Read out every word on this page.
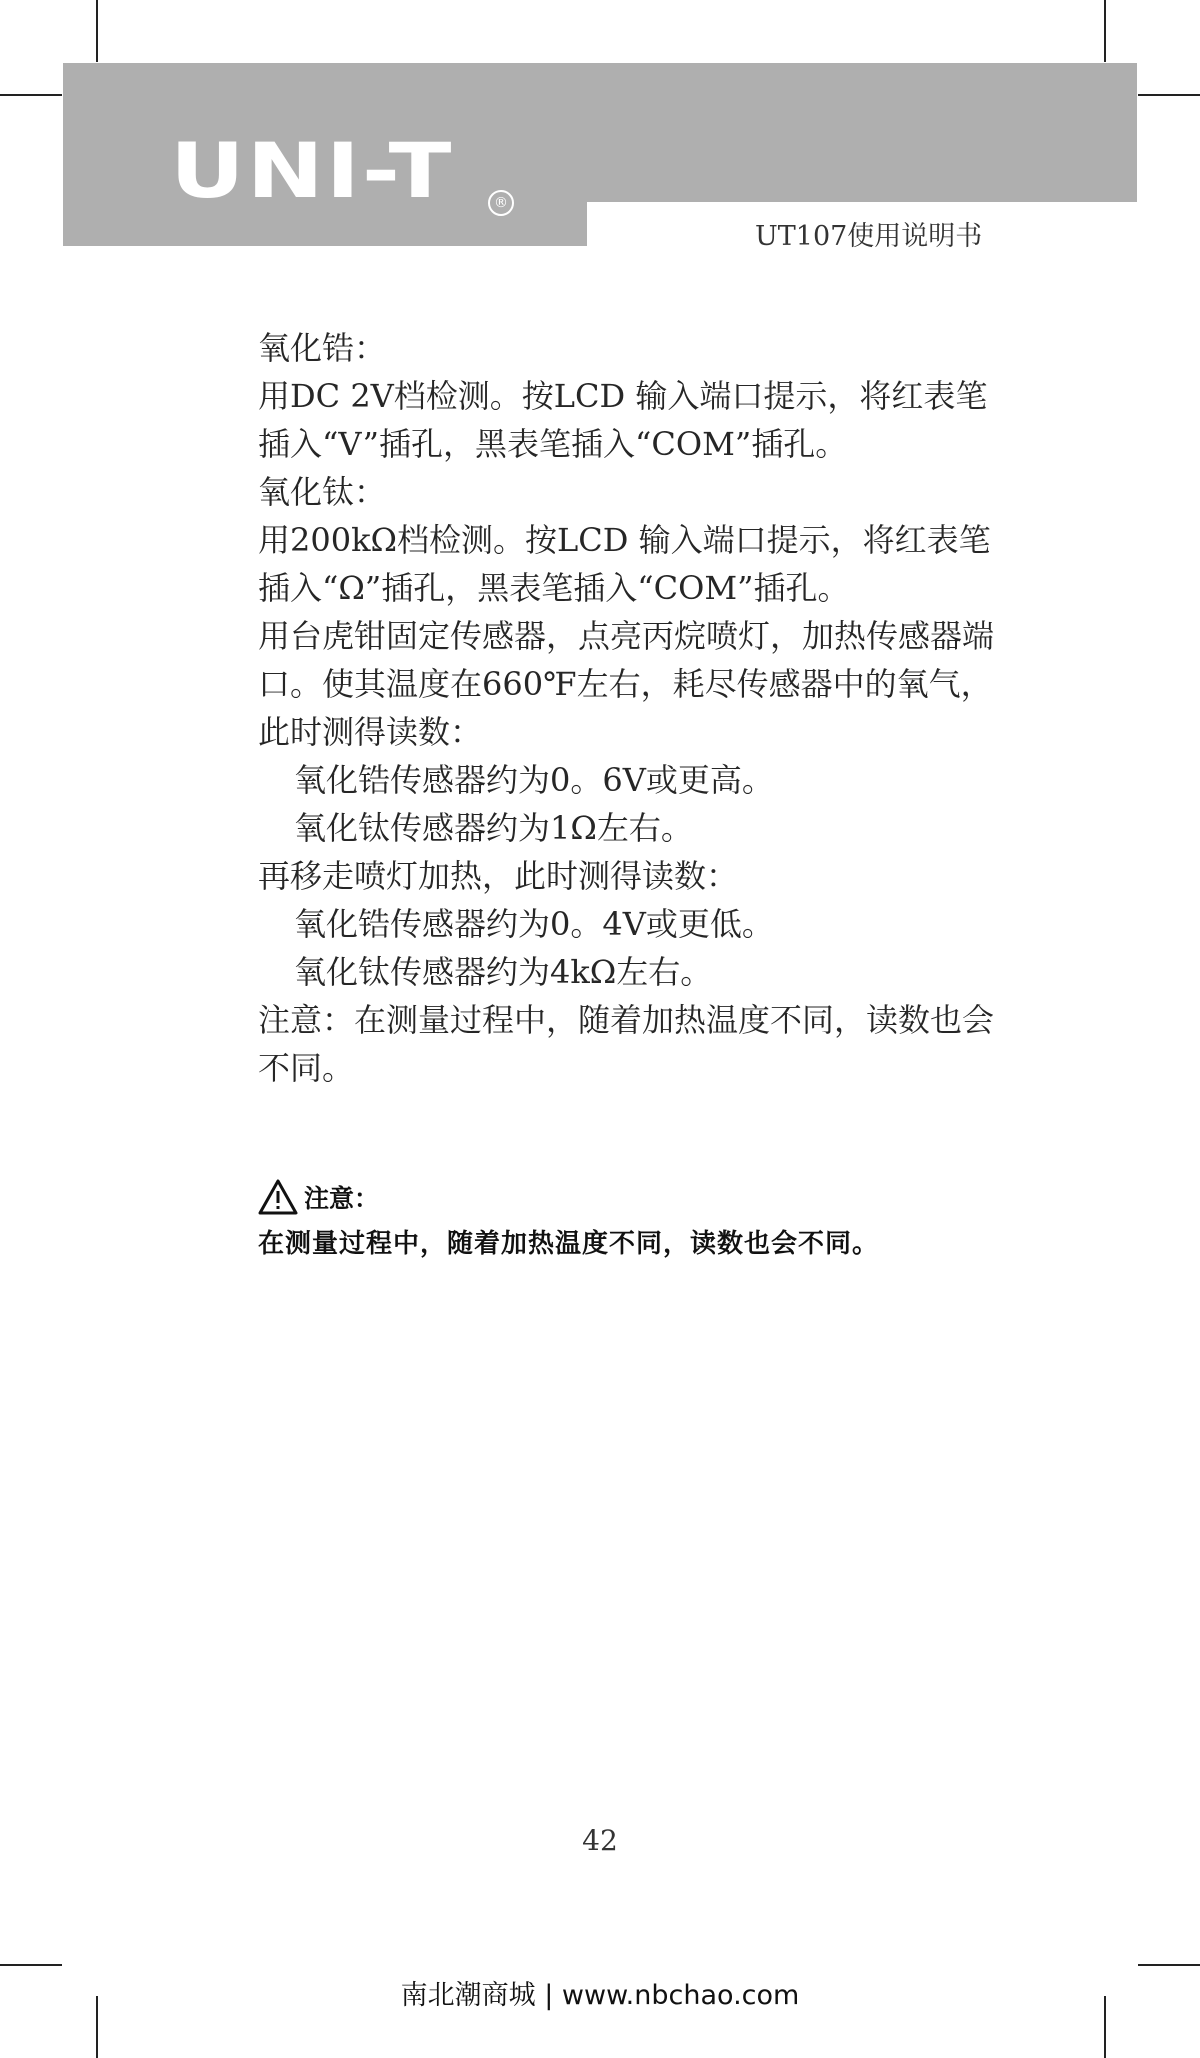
UNI-T	®
UT107使用说明书

氧化锆：

用DC 2V档检测。按LCD 输入端口提示，将红表笔插入“V”插孔，黑表笔插入“COM”插孔。

氧化钛：

用200kΩ档检测。按LCD 输入端口提示，将红表笔插入“Ω”插孔，黑表笔插入“COM”插孔。

用台虎钳固定传感器，点亮丙烷喷灯，加热传感器端口。使其温度在660℉左右，耗尽传感器中的氧气，此时测得读数：

氧化锆传感器约为0。6V或更高。

氧化钛传感器约为1Ω左右。

再移走喷灯加热，此时测得读数：

氧化锆传感器约为0。4V或更低。

氧化钛传感器约为4kΩ左右。

注意：在测量过程中，随着加热温度不同，读数也会不同。

注意：
在测量过程中，随着加热温度不同，读数也会不同。
42
南北潮商城 | www.nbchao.com
